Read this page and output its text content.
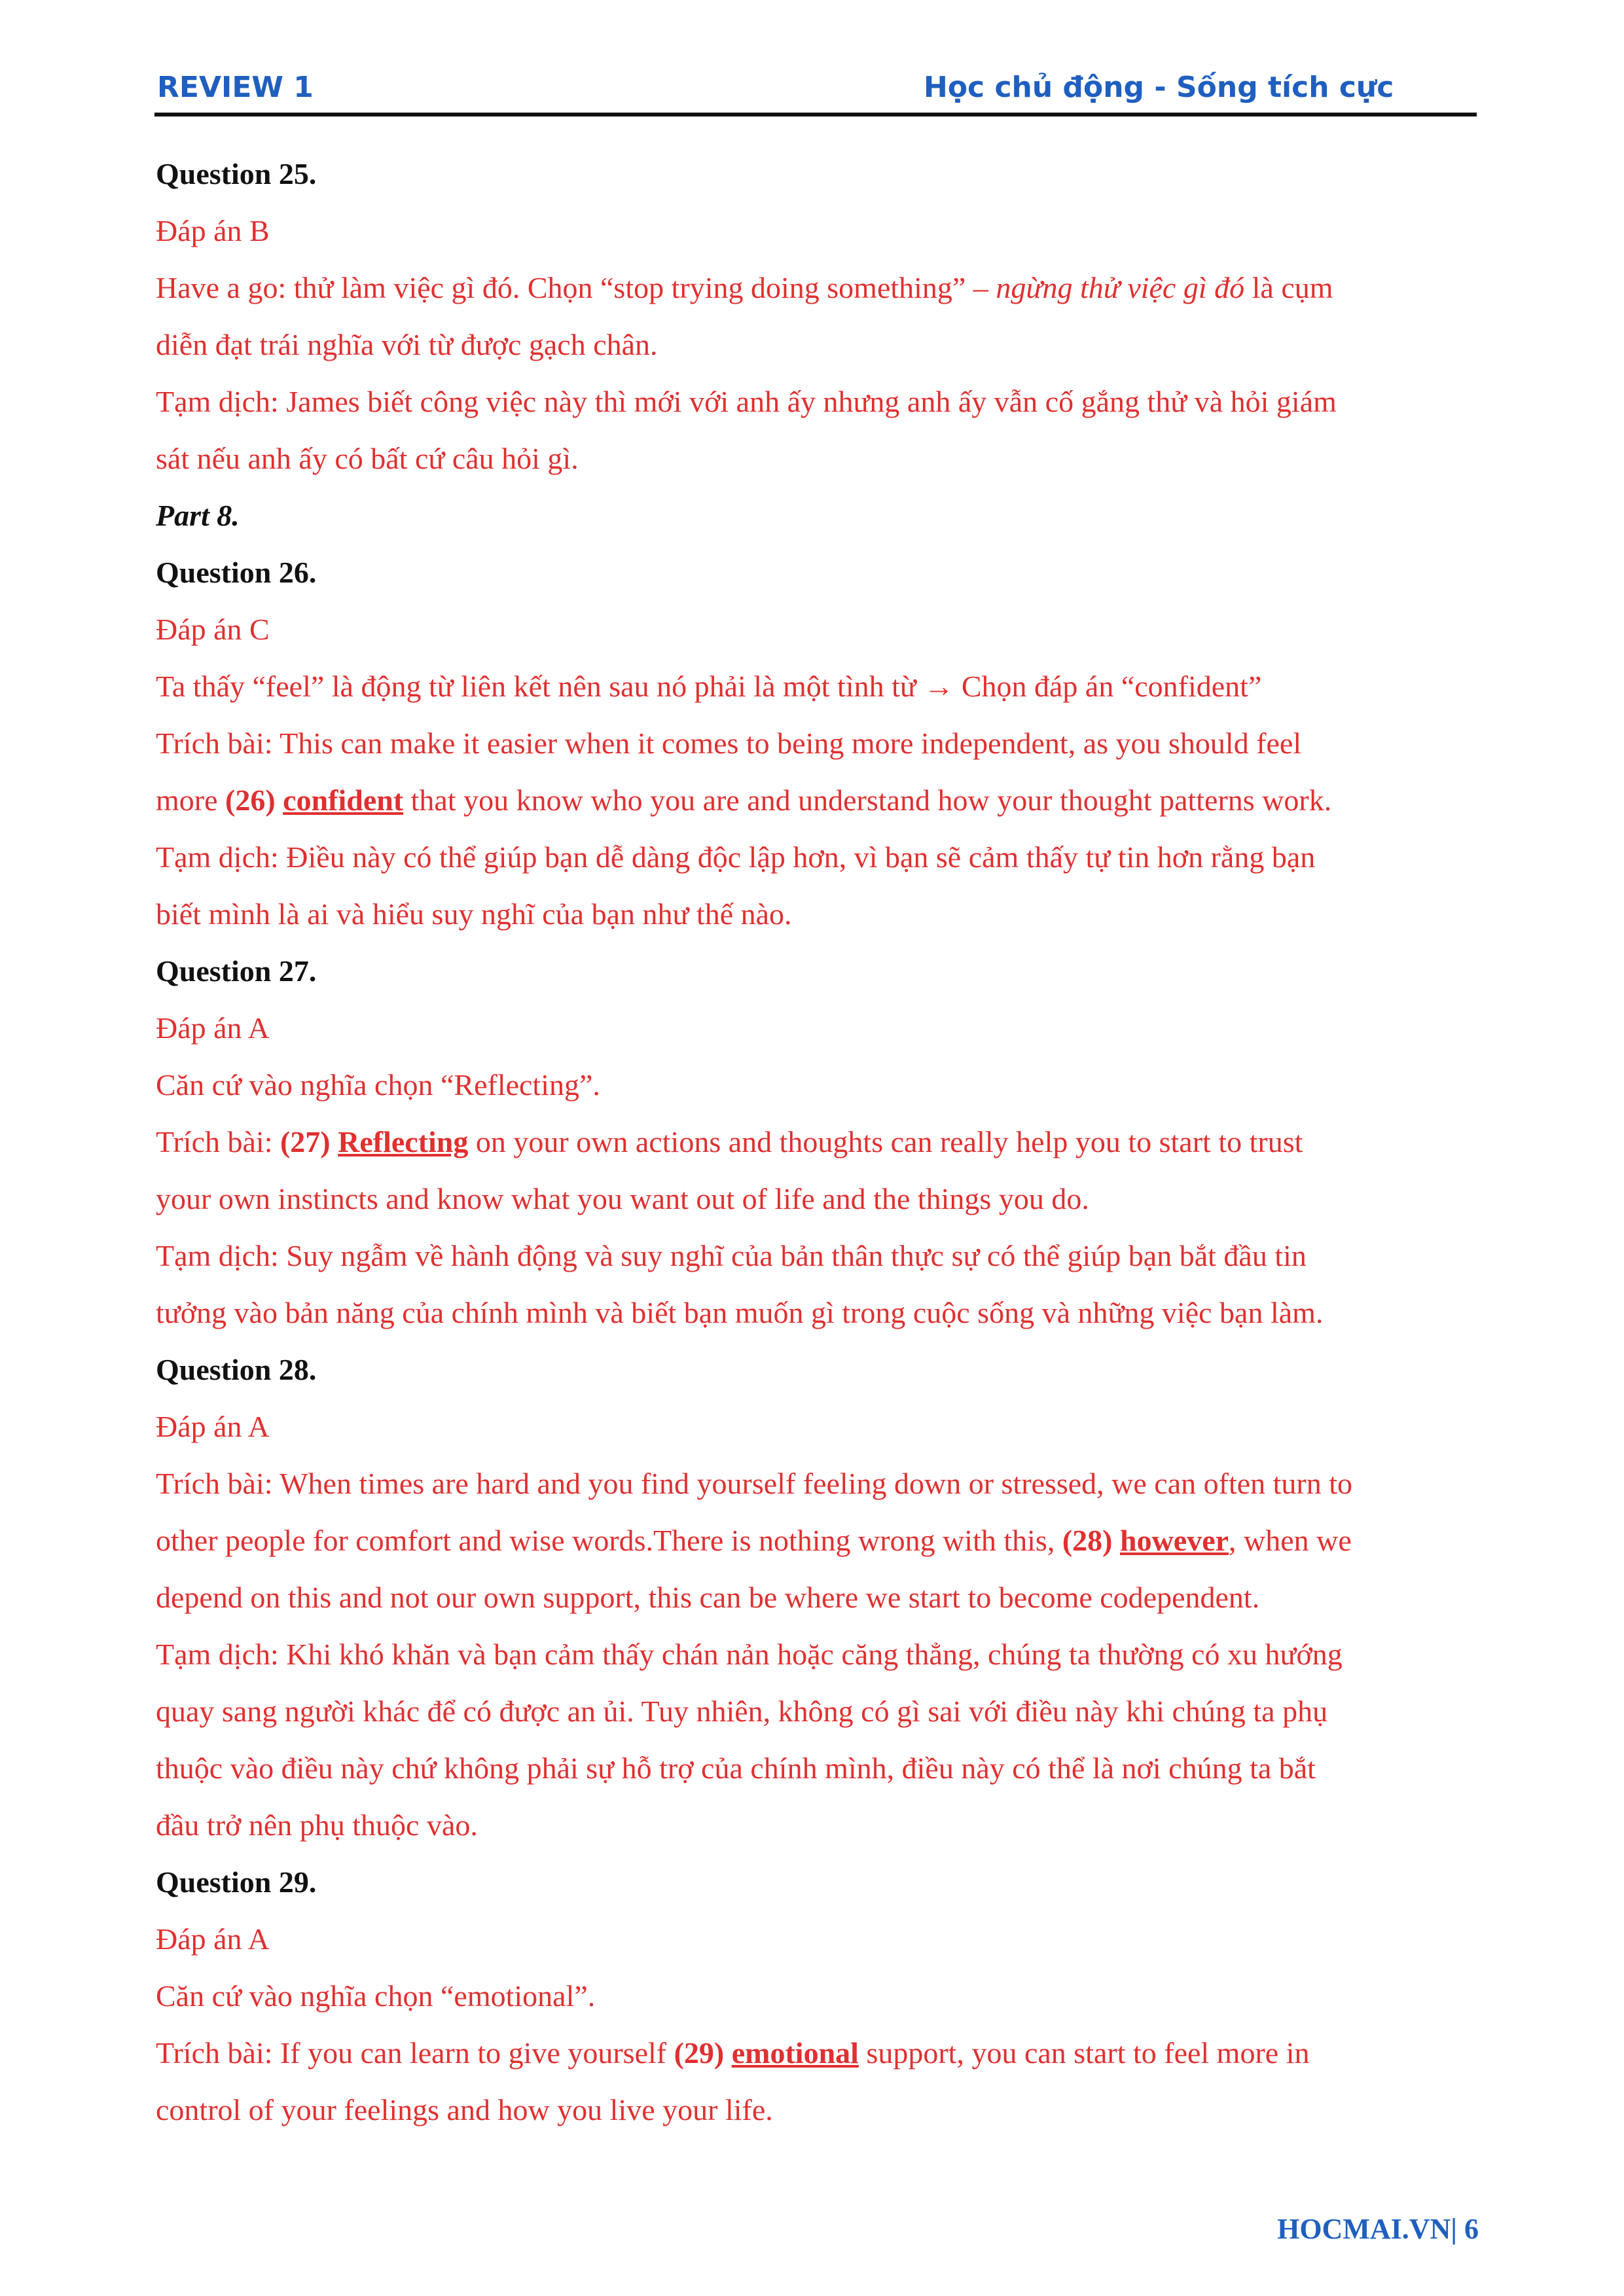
REVIEW 1	Học chủ động - Sống tích cực

Question 25.

Đáp án B

Have a go: thử làm việc gì đó. Chọn “stop trying doing something” – ngừng thử việc gì đó là cụm

diễn đạt trái nghĩa với từ được gạch chân.

Tạm dịch: James biết công việc này thì mới với anh ấy nhưng anh ấy vẫn cố gắng thử và hỏi giám

sát nếu anh ấy có bất cứ câu hỏi gì.

Part 8.

Question 26.

Đáp án C

Ta thấy “feel” là động từ liên kết nên sau nó phải là một tình từ → Chọn đáp án “confident”

Trích bài: This can make it easier when it comes to being more independent, as you should feel

more (26) confident that you know who you are and understand how your thought patterns work.

Tạm dịch: Điều này có thể giúp bạn dễ dàng độc lập hơn, vì bạn sẽ cảm thấy tự tin hơn rằng bạn

biết mình là ai và hiểu suy nghĩ của bạn như thế nào.

Question 27.

Đáp án A

Căn cứ vào nghĩa chọn “Reflecting”.

Trích bài: (27) Reflecting on your own actions and thoughts can really help you to start to trust

your own instincts and know what you want out of life and the things you do.

Tạm dịch: Suy ngẫm về hành động và suy nghĩ của bản thân thực sự có thể giúp bạn bắt đầu tin

tưởng vào bản năng của chính mình và biết bạn muốn gì trong cuộc sống và những việc bạn làm.

Question 28.

Đáp án A

Trích bài: When times are hard and you find yourself feeling down or stressed, we can often turn to

other people for comfort and wise words.There is nothing wrong with this, (28) however, when we

depend on this and not our own support, this can be where we start to become codependent.

Tạm dịch: Khi khó khăn và bạn cảm thấy chán nản hoặc căng thẳng, chúng ta thường có xu hướng

quay sang người khác để có được an ủi. Tuy nhiên, không có gì sai với điều này khi chúng ta phụ

thuộc vào điều này chứ không phải sự hỗ trợ của chính mình, điều này có thể là nơi chúng ta bắt

đầu trở nên phụ thuộc vào.

Question 29.

Đáp án A

Căn cứ vào nghĩa chọn “emotional”.

Trích bài: If you can learn to give yourself (29) emotional support, you can start to feel more in

control of your feelings and how you live your life.

HOCMAI.VN| 6
